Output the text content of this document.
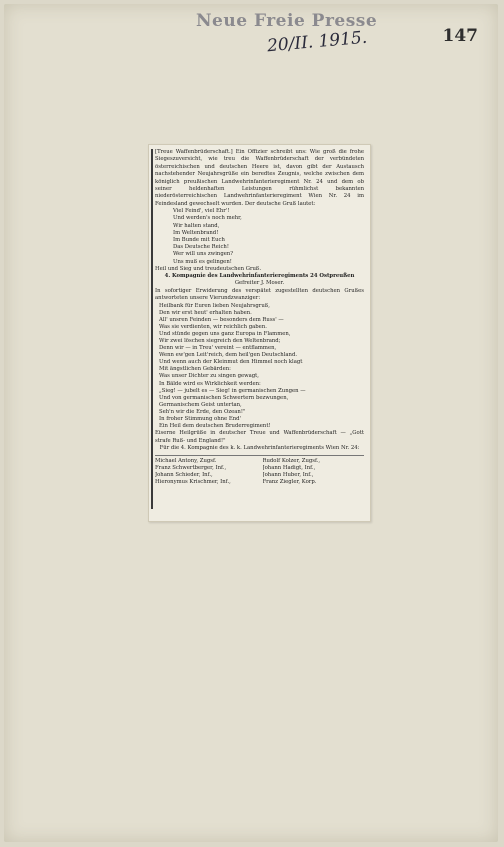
Neue Freie Presse
147
20/II. 1915.

[Treue Waffenbrüderschaft.] Ein Offizier schreibt uns: Wie groß die frohe Siegeszuversicht, wie treu die Waffenbrüderschaft der verbündeten österreichischen und deutschen Heere ist, davon gibt der Austausch nachstehender Neujahrsgrüße ein beredtes Zeugnis, welche zwischen dem königlich preußischen Landwehrinfanterieregiment Nr. 24 und dem ob seiner heldenhaften Leistungen rühmlichst bekannten niederösterreichischen Landwehrinfanterieregiment Wien Nr. 24 im Feindesland gewechselt wurden. Der deutsche Gruß lautet:

Viel Feind', viel Ehr'!
Und werden's noch mehr,
Wir halten stand,
Im Weltenbrand!
Im Bunde mit Euch
Das Deutsche Reich!
Wer will uns zwingen?
Uns muß es gelingen!

Heil und Sieg und treudeutschen Gruß.

4. Kompagnie des Landwehrinfanterieregiments 24 Ostpreußen

Gefreiter J. Moser.

In sofortiger Erwiderung des verspätet zugestellten deutschen Grußes antworteten unsere Vierundzwanziger:

Heilbank für Euren lieben Neujahrsgruß,
Den wir erst heut' erhalten haben.
All' unsren Feinden — besonders dem Russ' —
Was sie verdienten, wir reichlich gaben.
Und stünde gegen uns ganz Europa in Flammen,
Wir zwei löschen siegreich den Weltenbrand;
Denn wir — in Treu' vereint — entflammen,
Wenn ew'gen Leit'reich, dem heil'gen Deutschland.
Und wenn auch der Kleinmut den Himmel noch klagt
Mit ängstlichen Gebärden:
Was unser Dichter zu singen gewagt,
In Bälde wird es Wirklichkeit werden:
„Sieg! — jubelt es — Sieg! in germanischen Zungen —
Und von germanischen Schwertern bezwungen,
Germanischem Geist untertan,
Seh'n wir die Erde, den Ozean!"
In froher Stimmung ohne End'
Ein Heil dem deutschen Bruderregiment!

Eiserne Heilgrüße in deutscher Treue und Waffenbrüderschaft — „Gott strafe Ruß- und England!"

Für die 4. Kompagnie des k. k. Landwehrinfanterieregiments Wien Nr. 24:

Michael Antony, Zugsf.	Rudolf Kolzer, Zugsf.,
Franz Schwertberger, Inf.,	Johann Hadigt, Inf.,
Johann Schieder, Inf.,	Johann Huber, Inf.,
Hieronymus Krischmer, Inf.,	Franz Ziegler, Korp.
